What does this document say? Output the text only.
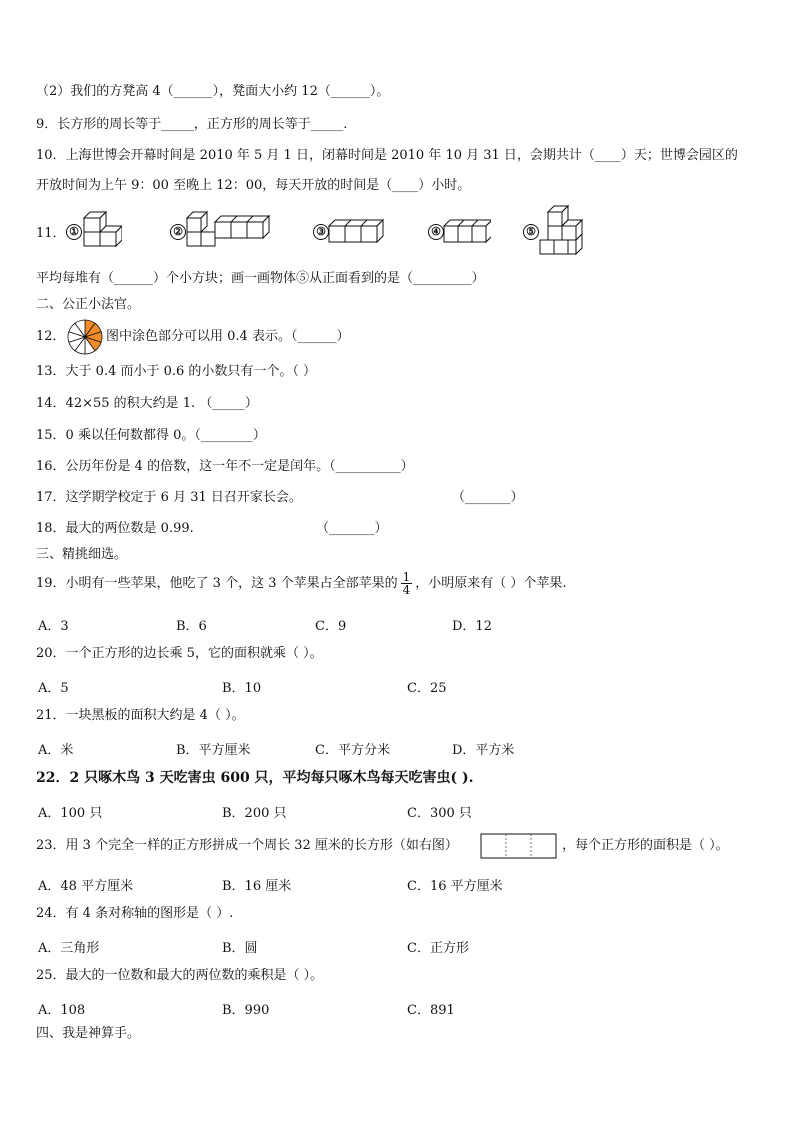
（2）我们的方凳高 4（______），凳面大小约 12（______）。
9．长方形的周长等于_____，正方形的周长等于_____.
10．上海世博会开幕时间是 2010 年 5 月 1 日，闭幕时间是 2010 年 10 月 31 日，会期共计（____）天；世博会园区的
开放时间为上午 9：00 至晚上 12：00，每天开放的时间是（____）小时。
11． ①	②	③	④	⑤
平均每堆有（______）个小方块；画一画物体⑤从正面看到的是（_________）
二、公正小法官。
12．	图中涂色部分可以用 0.4 表示。（______）
13．大于 0.4 而小于 0.6 的小数只有一个。（ ）
14．42×55 的积大约是 1. （_____）
15．0 乘以任何数都得 0。（________）
16．公历年份是 4 的倍数，这一年不一定是闰年。（__________）
17．这学期学校定于 6 月 31 日召开家长会。	（_______）
18．最大的两位数是 0.99.	（_______）
三、精挑细选。
19．小明有一些苹果，他吃了 3 个，这 3 个苹果占全部苹果的 $\frac{1}{4}$ ，小明原来有（ ）个苹果.
A．3	B．6	C．9	D．12
20．一个正方形的边长乘 5，它的面积就乘（ ）。
A．5	B．10	C．25
21．一块黑板的面积大约是 4（ ）。
A．米	B．平方厘米	C．平方分米	D．平方米
22．2 只啄木鸟 3 天吃害虫 600 只，平均每只啄木鸟每天吃害虫( ).
A．100 只	B．200 只	C．300 只
23．用 3 个完全一样的正方形拼成一个周长 32 厘米的长方形（如右图）	，每个正方形的面积是（ ）。
A．48 平方厘米	B．16 厘米	C．16 平方厘米
24．有 4 条对称轴的图形是（ ）.
A．三角形	B．圆	C．正方形
25．最大的一位数和最大的两位数的乘积是（ ）。
A．108	B．990	C．891
四、我是神算手。
